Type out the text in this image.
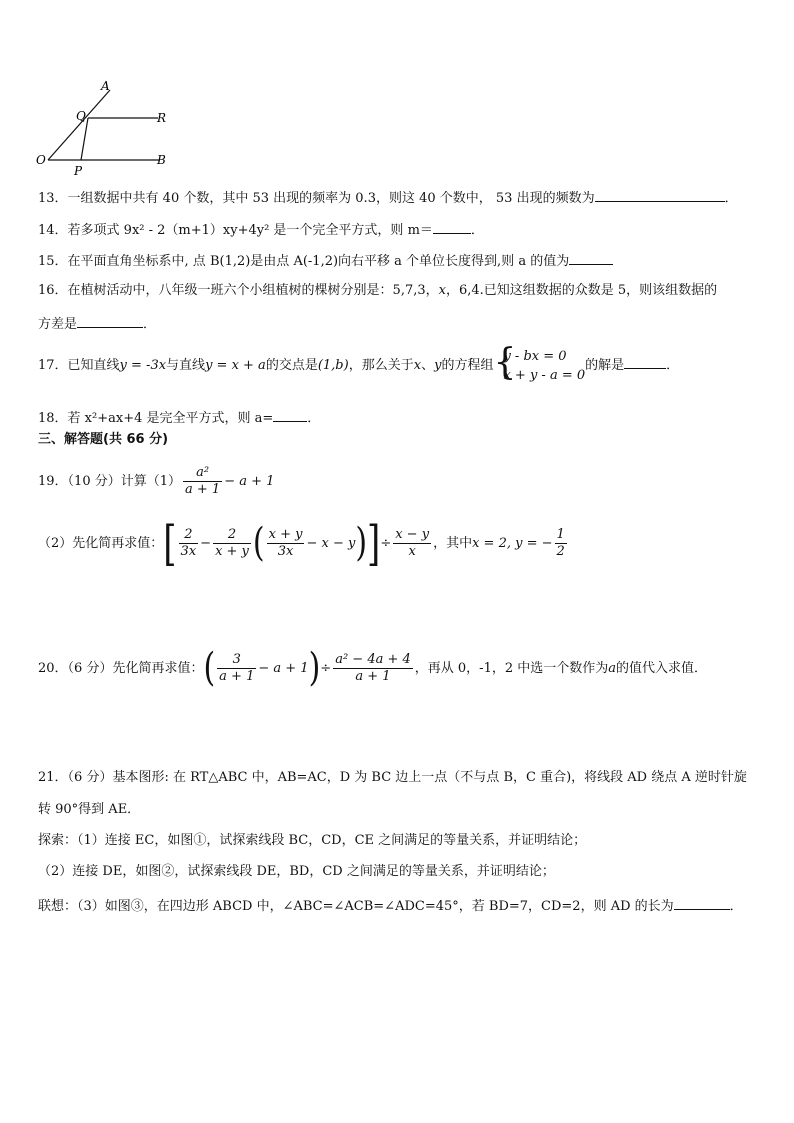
A
Q	R
O
P
B
13．一组数据中共有 40 个数，其中 53 出现的频率为 0.3，则这 40 个数中， 53 出现的频数为	．
14．若多项式 9x² - 2（m+1）xy+4y² 是一个完全平方式，则 m＝	．
15．在平面直角坐标系中, 点 B(1,2)是由点 A(-1,2)向右平移 a 个单位长度得到,则 a 的值为
16．在植树活动中，八年级一班六个小组植树的棵树分别是：5,7,3，x，6,4.已知这组数据的众数是 5，则该组数据的
方差是	．
17．已知直线y = -3x与直线y = x + a的交点是(1,b)，那么关于x、y的方程组 {
y - bx = 0
x + y - a = 0
的解是	．
18．若 x²+ax+4 是完全平方式，则 a=	．
三、解答题(共 66 分)
19．（10 分）计算$(1) \frac{\text{a²}}{a + 1} - a + 1$
（2）先化简再求值：[ $\frac{2}{3x} - \frac{2}{x + y}$ ( $\frac{x + y}{3x} - x - y)]\div \frac{x - y}{x}$ ，其中x = 2, y = − $\frac{1}{2}$
20．（6 分）先化简再求值：( $\frac{3}{a + 1} - a + 1)\div \frac{\text{a² − 4a + 4}}{a + 1}$ ，再从 0，-1，2 中选一个数作为a的值代入求值．
21．（6 分）基本图形: 在 RT△ABC 中，AB=AC，D 为 BC 边上一点（不与点 B，C 重合)，将线段 AD 绕点 A 逆时针旋
转 90°得到 AE．
探索：（1）连接 EC，如图①，试探索线段 BC，CD，CE 之间满足的等量关系，并证明结论；
（2）连接 DE，如图②，试探索线段 DE，BD，CD 之间满足的等量关系，并证明结论；
联想：（3）如图③，在四边形 ABCD 中，∠ABC=∠ACB=∠ADC=45°，若 BD=7，CD=2，则 AD 的长为	．
